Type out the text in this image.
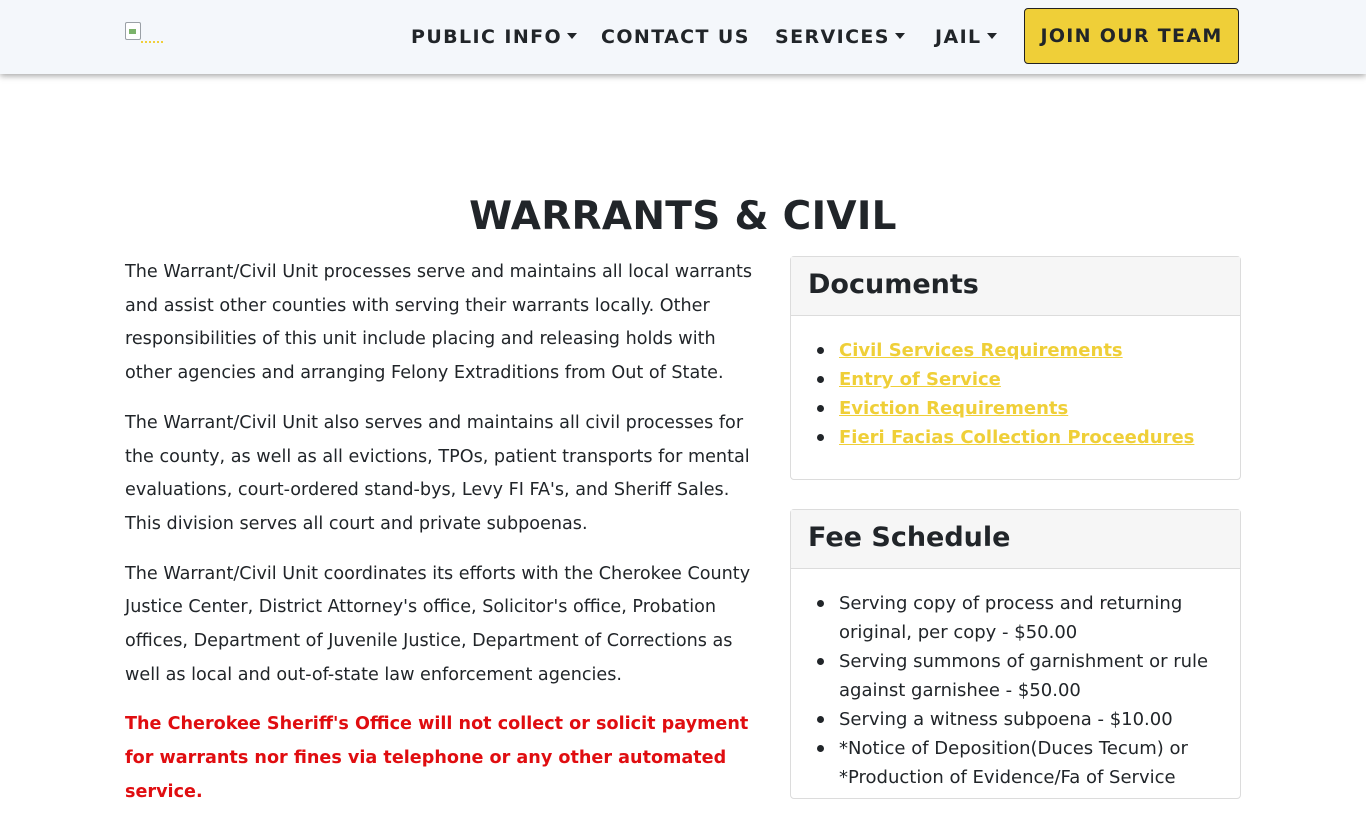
PUBLIC INFO	CONTACT US SERVICES	JAIL	JOIN OUR TEAM
WARRANTS & CIVIL

The Warrant/Civil Unit processes serve and maintains all local warrants and assist other counties with serving their warrants locally. Other responsibilities of this unit include placing and releasing holds with other agencies and arranging Felony Extraditions from Out of State.

The Warrant/Civil Unit also serves and maintains all civil processes for the county, as well as all evictions, TPOs, patient transports for mental evaluations, court-ordered stand-bys, Levy FI FA's, and Sheriff Sales. This division serves all court and private subpoenas.

The Warrant/Civil Unit coordinates its efforts with the Cherokee County Justice Center, District Attorney's office, Solicitor's office, Probation offices, Department of Juvenile Justice, Department of Corrections as well as local and out-of-state law enforcement agencies.

The Cherokee Sheriff's Office will not collect or solicit payment for warrants nor fines via telephone or any other automated service.

Documents
Civil Services Requirements
Entry of Service
Eviction Requirements
Fieri Facias Collection Proceedures
Fee Schedule
Serving copy of process and returning original, per copy - $50.00
Serving summons of garnishment or rule against garnishee - $50.00
Serving a witness subpoena - $10.00
*Notice of Deposition(Duces Tecum) or *Production of Evidence/Fa of Service
